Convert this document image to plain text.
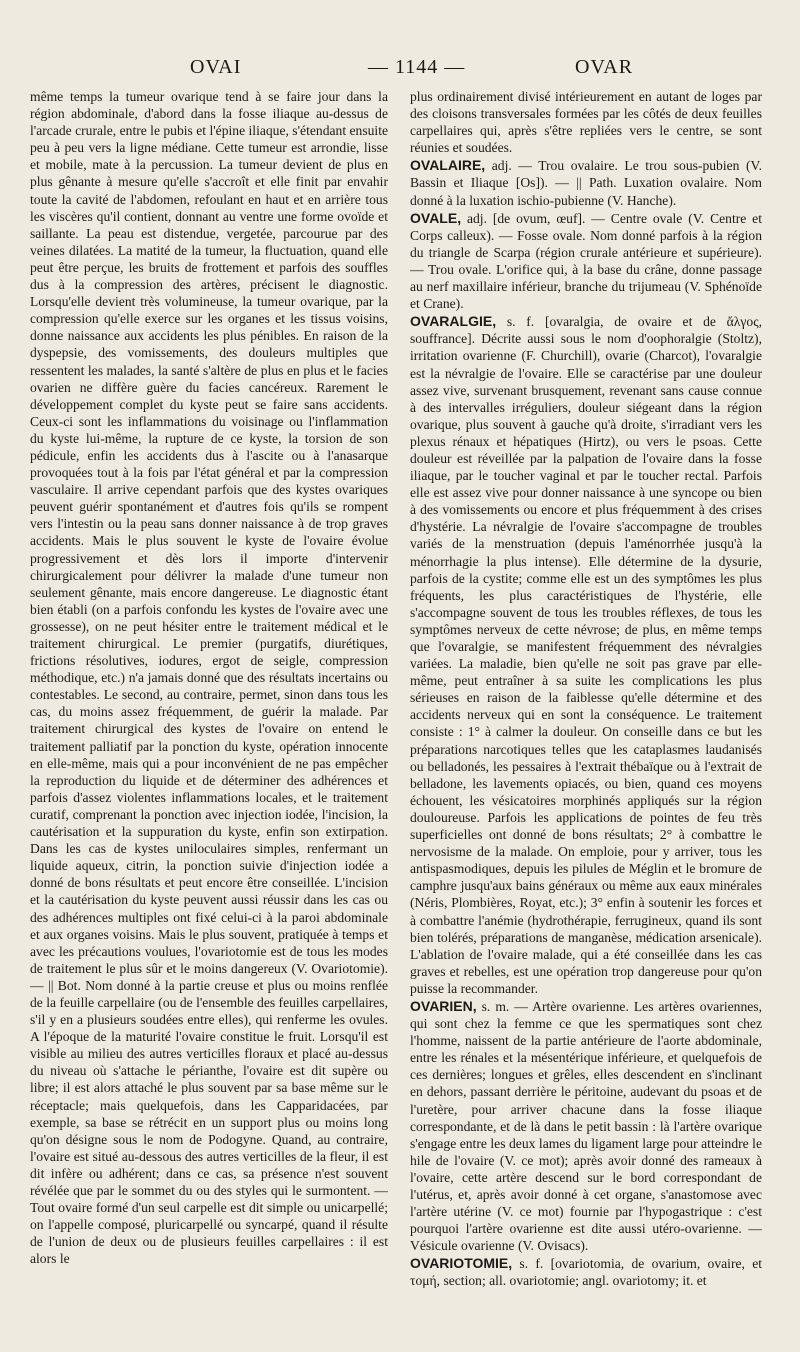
OVAI	— 1144 —	OVAR

même temps la tumeur ovarique tend à se faire jour dans la région abdominale, d'abord dans la fosse iliaque au-dessus de l'arcade crurale, entre le pubis et l'épine iliaque, s'étendant ensuite peu à peu vers la ligne médiane. Cette tumeur est arrondie, lisse et mobile, mate à la percussion. La tumeur devient de plus en plus gênante à mesure qu'elle s'accroît et elle finit par envahir toute la cavité de l'abdomen, refoulant en haut et en arrière tous les viscères qu'il contient, donnant au ventre une forme ovoïde et saillante. La peau est distendue, vergetée, parcourue par des veines dilatées. La matité de la tumeur, la fluctuation, quand elle peut être perçue, les bruits de frottement et parfois des souffles dus à la compression des artères, précisent le diagnostic. Lorsqu'elle devient très volumineuse, la tumeur ovarique, par la compression qu'elle exerce sur les organes et les tissus voisins, donne naissance aux accidents les plus pénibles. En raison de la dyspepsie, des vomissements, des douleurs multiples que ressentent les malades, la santé s'altère de plus en plus et le facies ovarien ne diffère guère du facies cancéreux. Rarement le développement complet du kyste peut se faire sans accidents. Ceux-ci sont les inflammations du voisinage ou l'inflammation du kyste lui-même, la rupture de ce kyste, la torsion de son pédicule, enfin les accidents dus à l'ascite ou à l'anasarque provoquées tout à la fois par l'état général et par la compression vasculaire. Il arrive cependant parfois que des kystes ovariques peuvent guérir spontanément et d'autres fois qu'ils se rompent vers l'intestin ou la peau sans donner naissance à de trop graves accidents. Mais le plus souvent le kyste de l'ovaire évolue progressivement et dès lors il importe d'intervenir chirurgicalement pour délivrer la malade d'une tumeur non seulement gênante, mais encore dangereuse. Le diagnostic étant bien établi (on a parfois confondu les kystes de l'ovaire avec une grossesse), on ne peut hésiter entre le traitement médical et le traitement chirurgical. Le premier (purgatifs, diurétiques, frictions résolutives, iodures, ergot de seigle, compression méthodique, etc.) n'a jamais donné que des résultats incertains ou contestables. Le second, au contraire, permet, sinon dans tous les cas, du moins assez fréquemment, de guérir la malade. Par traitement chirurgical des kystes de l'ovaire on entend le traitement palliatif par la ponction du kyste, opération innocente en elle-même, mais qui a pour inconvénient de ne pas empêcher la reproduction du liquide et de déterminer des adhérences et parfois d'assez violentes inflammations locales, et le traitement curatif, comprenant la ponction avec injection iodée, l'incision, la cautérisation et la suppuration du kyste, enfin son extirpation. Dans les cas de kystes uniloculaires simples, renfermant un liquide aqueux, citrin, la ponction suivie d'injection iodée a donné de bons résultats et peut encore être conseillée. L'incision et la cautérisation du kyste peuvent aussi réussir dans les cas ou des adhérences multiples ont fixé celui-ci à la paroi abdominale et aux organes voisins. Mais le plus souvent, pratiquée à temps et avec les précautions voulues, l'ovariotomie est de tous les modes de traitement le plus sûr et le moins dangereux (V. Ovariotomie). — || Bot. Nom donné à la partie creuse et plus ou moins renflée de la feuille carpellaire (ou de l'ensemble des feuilles carpellaires, s'il y en a plusieurs soudées entre elles), qui renferme les ovules. A l'époque de la maturité l'ovaire constitue le fruit. Lorsqu'il est visible au milieu des autres verticilles floraux et placé au-dessus du niveau où s'attache le périanthe, l'ovaire est dit supère ou libre; il est alors attaché le plus souvent par sa base même sur le réceptacle; mais quelquefois, dans les Capparidacées, par exemple, sa base se rétrécit en un support plus ou moins long qu'on désigne sous le nom de Podogyne. Quand, au contraire, l'ovaire est situé au-dessous des autres verticilles de la fleur, il est dit infère ou adhérent; dans ce cas, sa présence n'est souvent révélée que par le sommet du ou des styles qui le surmontent. — Tout ovaire formé d'un seul carpelle est dit simple ou unicarpellé; on l'appelle composé, pluricarpellé ou syncarpé, quand il résulte de l'union de deux ou de plusieurs feuilles carpellaires : il est alors le

plus ordinairement divisé intérieurement en autant de loges par des cloisons transversales formées par les côtés de deux feuilles carpellaires qui, après s'être repliées vers le centre, se sont réunies et soudées.

OVALAIRE, adj. — Trou ovalaire. Le trou sous-pubien (V. Bassin et Iliaque [Os]). — || Path. Luxation ovalaire. Nom donné à la luxation ischio-pubienne (V. Hanche).

OVALE, adj. [de ovum, œuf]. — Centre ovale (V. Centre et Corps calleux). — Fosse ovale. Nom donné parfois à la région du triangle de Scarpa (région crurale antérieure et supérieure). — Trou ovale. L'orifice qui, à la base du crâne, donne passage au nerf maxillaire inférieur, branche du trijumeau (V. Sphénoïde et Crane).

OVARALGIE, s. f. [ovaralgia, de ovaire et de ἄλγος, souffrance]. Décrite aussi sous le nom d'oophoralgie (Stoltz), irritation ovarienne (F. Churchill), ovarie (Charcot), l'ovaralgie est la névralgie de l'ovaire. Elle se caractérise par une douleur assez vive, survenant brusquement, revenant sans cause connue à des intervalles irréguliers, douleur siégeant dans la région ovarique, plus souvent à gauche qu'à droite, s'irradiant vers les plexus rénaux et hépatiques (Hirtz), ou vers le psoas. Cette douleur est réveillée par la palpation de l'ovaire dans la fosse iliaque, par le toucher vaginal et par le toucher rectal. Parfois elle est assez vive pour donner naissance à une syncope ou bien à des vomissements ou encore et plus fréquemment à des crises d'hystérie. La névralgie de l'ovaire s'accompagne de troubles variés de la menstruation (depuis l'aménorrhée jusqu'à la ménorrhagie la plus intense). Elle détermine de la dysurie, parfois de la cystite; comme elle est un des symptômes les plus fréquents, les plus caractéristiques de l'hystérie, elle s'accompagne souvent de tous les troubles réflexes, de tous les symptômes nerveux de cette névrose; de plus, en même temps que l'ovaralgie, se manifestent fréquemment des névralgies variées. La maladie, bien qu'elle ne soit pas grave par elle-même, peut entraîner à sa suite les complications les plus sérieuses en raison de la faiblesse qu'elle détermine et des accidents nerveux qui en sont la conséquence. Le traitement consiste : 1° à calmer la douleur. On conseille dans ce but les préparations narcotiques telles que les cataplasmes laudanisés ou belladonés, les pessaires à l'extrait thébaïque ou à l'extrait de belladone, les lavements opiacés, ou bien, quand ces moyens échouent, les vésicatoires morphinés appliqués sur la région douloureuse. Parfois les applications de pointes de feu très superficielles ont donné de bons résultats; 2° à combattre le nervosisme de la malade. On emploie, pour y arriver, tous les antispasmodiques, depuis les pilules de Méglin et le bromure de camphre jusqu'aux bains généraux ou même aux eaux minérales (Néris, Plombières, Royat, etc.); 3° enfin à soutenir les forces et à combattre l'anémie (hydrothérapie, ferrugineux, quand ils sont bien tolérés, préparations de manganèse, médication arsenicale). L'ablation de l'ovaire malade, qui a été conseillée dans les cas graves et rebelles, est une opération trop dangereuse pour qu'on puisse la recommander.

OVARIEN, s. m. — Artère ovarienne. Les artères ovariennes, qui sont chez la femme ce que les spermatiques sont chez l'homme, naissent de la partie antérieure de l'aorte abdominale, entre les rénales et la mésentérique inférieure, et quelquefois de ces dernières; longues et grêles, elles descendent en s'inclinant en dehors, passant derrière le péritoine, audevant du psoas et de l'uretère, pour arriver chacune dans la fosse iliaque correspondante, et de là dans le petit bassin : là l'artère ovarique s'engage entre les deux lames du ligament large pour atteindre le hile de l'ovaire (V. ce mot); après avoir donné des rameaux à l'ovaire, cette artère descend sur le bord correspondant de l'utérus, et, après avoir donné à cet organe, s'anastomose avec l'artère utérine (V. ce mot) fournie par l'hypogastrique : c'est pourquoi l'artère ovarienne est dite aussi utéro-ovarienne. — Vésicule ovarienne (V. Ovisacs).

OVARIOTOMIE, s. f. [ovariotomia, de ovarium, ovaire, et τομή, section; all. ovariotomie; angl. ovariotomy; it. et
